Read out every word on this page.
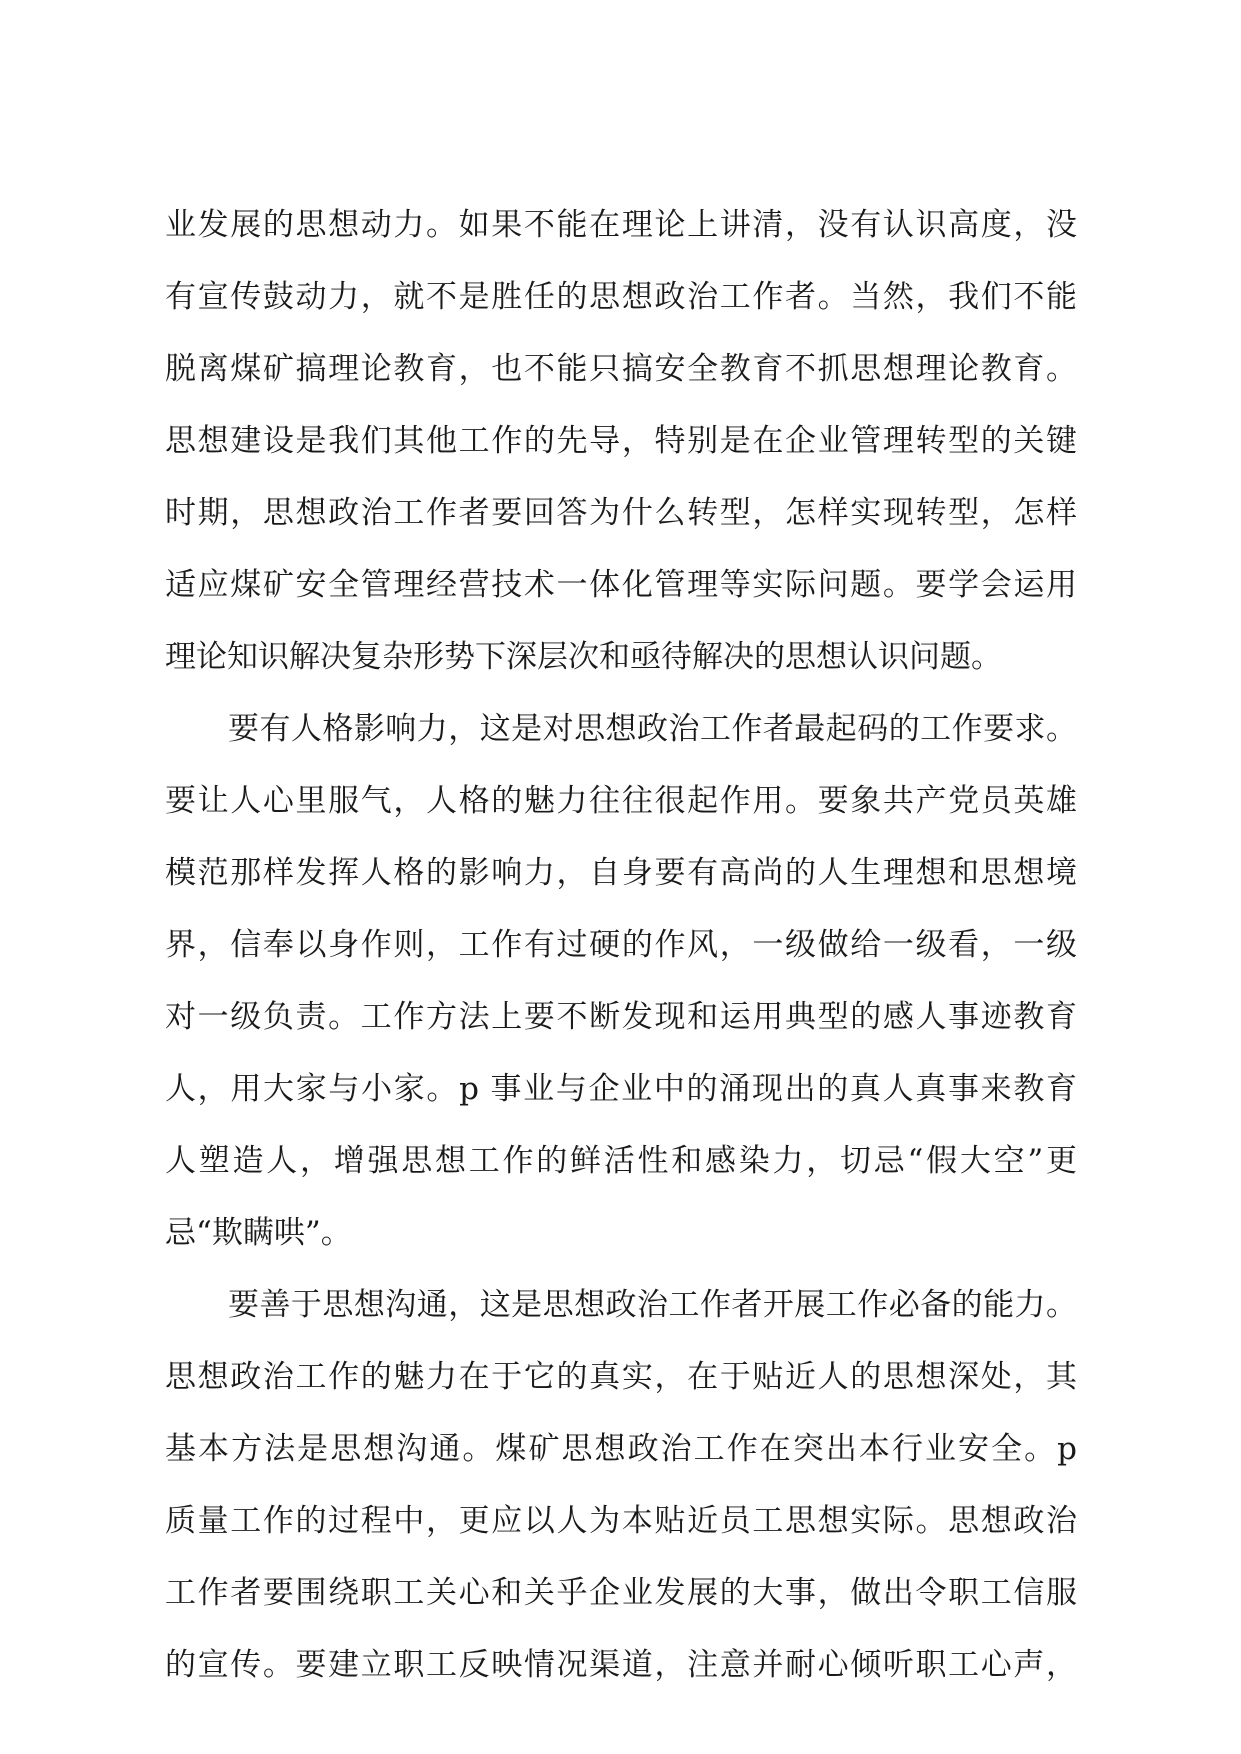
业发展的思想动力。如果不能在理论上讲清，没有认识高度，没
有宣传鼓动力，就不是胜任的思想政治工作者。当然，我们不能
脱离煤矿搞理论教育，也不能只搞安全教育不抓思想理论教育。
思想建设是我们其他工作的先导，特别是在企业管理转型的关键
时期，思想政治工作者要回答为什么转型，怎样实现转型，怎样
适应煤矿安全管理经营技术一体化管理等实际问题。要学会运用
理论知识解决复杂形势下深层次和亟待解决的思想认识问题。
要有人格影响力，这是对思想政治工作者最起码的工作要求。
要让人心里服气，人格的魅力往往很起作用。要象共产党员英雄
模范那样发挥人格的影响力，自身要有高尚的人生理想和思想境
界，信奉以身作则，工作有过硬的作风，一级做给一级看，一级
对一级负责。工作方法上要不断发现和运用典型的感人事迹教育
人，用大家与小家。p 事业与企业中的涌现出的真人真事来教育
人塑造人，增强思想工作的鲜活性和感染力，切忌“假大空”更
忌“欺瞒哄”。
要善于思想沟通，这是思想政治工作者开展工作必备的能力。
思想政治工作的魅力在于它的真实，在于贴近人的思想深处，其
基本方法是思想沟通。煤矿思想政治工作在突出本行业安全。p
质量工作的过程中，更应以人为本贴近员工思想实际。思想政治
工作者要围绕职工关心和关乎企业发展的大事，做出令职工信服
的宣传。要建立职工反映情况渠道，注意并耐心倾听职工心声，
